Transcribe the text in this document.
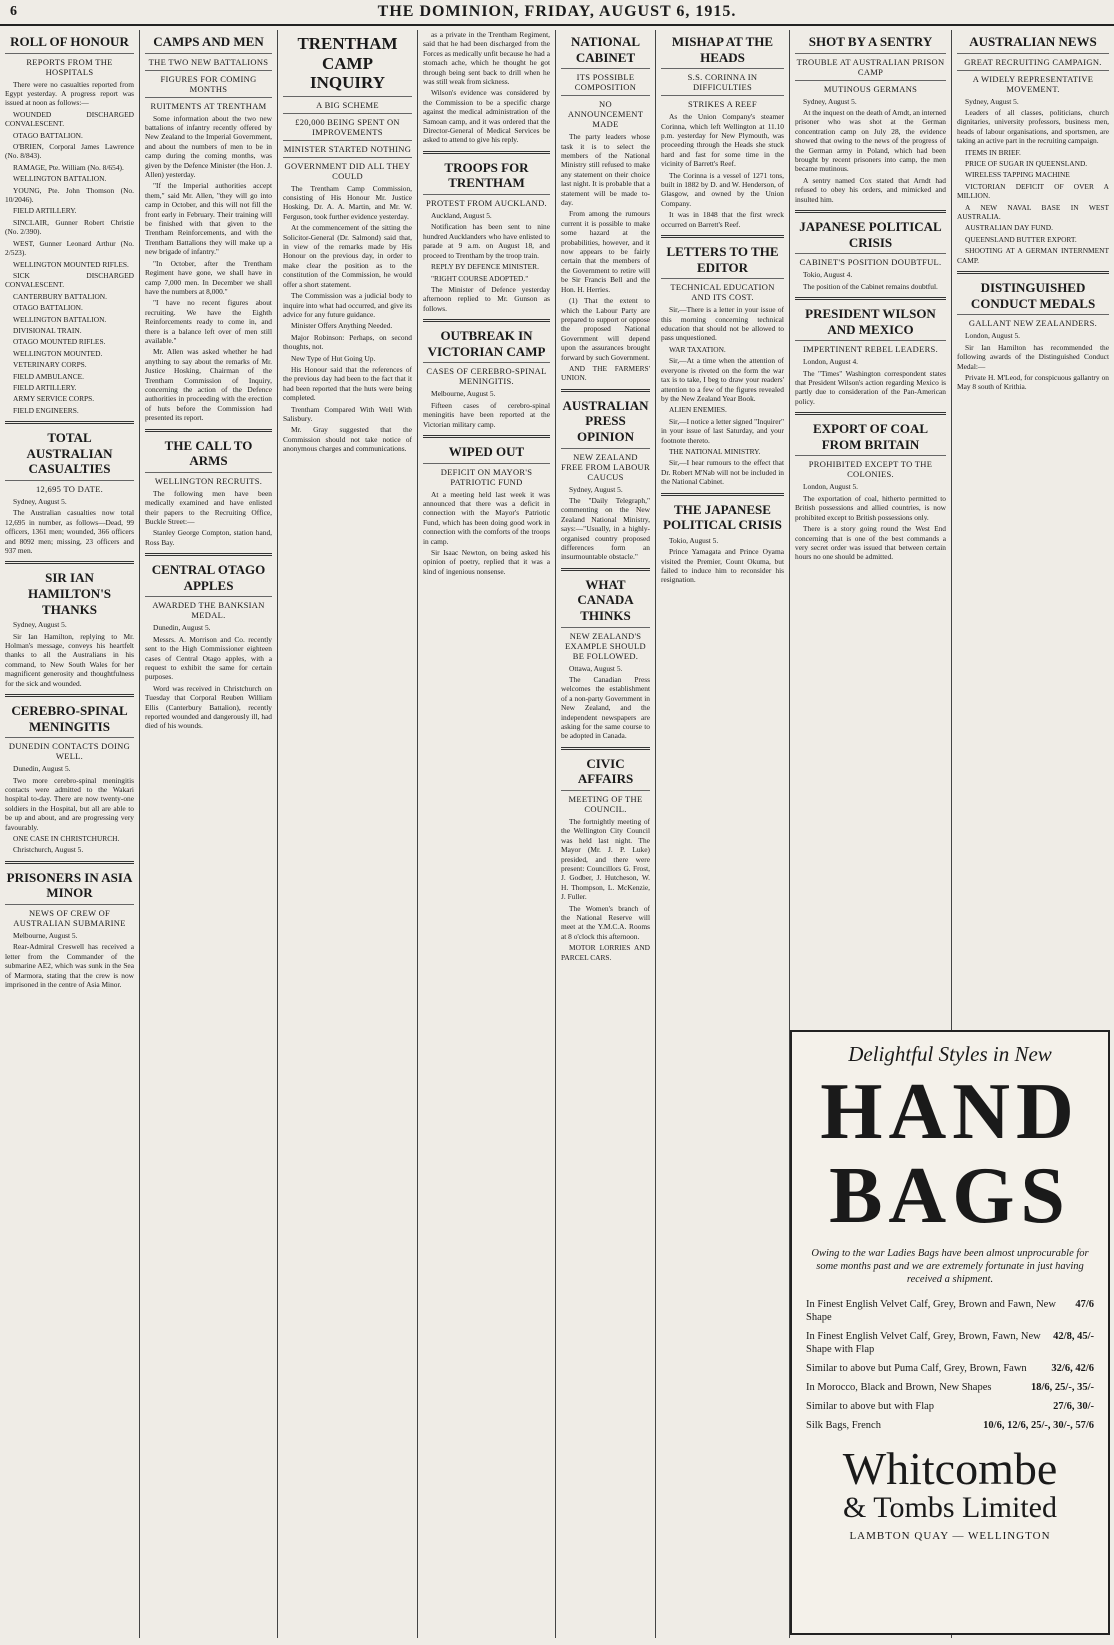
6	THE DOMINION, FRIDAY, AUGUST 6, 1915.
ROLL OF HONOUR
REPORTS FROM THE HOSPITALS

There were no casualties reported from Egypt yesterday. A progress report was issued at noon as follows:—

WOUNDED DISCHARGED CONVALESCENT.

OTAGO BATTALION.

O'BRIEN, Corporal James Lawrence (No. 8/843).

RAMAGE, Pte. William (No. 8/654).

WELLINGTON BATTALION.

YOUNG, Pte. John Thomson (No. 10/2046).

FIELD ARTILLERY.

SINCLAIR, Gunner Robert Christie (No. 2/390).

WEST, Gunner Leonard Arthur (No. 2/523).

WELLINGTON MOUNTED RIFLES.

SICK DISCHARGED CONVALESCENT.

CANTERBURY BATTALION.

OTAGO BATTALION.

WELLINGTON BATTALION.

DIVISIONAL TRAIN.

OTAGO MOUNTED RIFLES.

WELLINGTON MOUNTED.

VETERINARY CORPS.

FIELD AMBULANCE.

FIELD ARTILLERY.

ARMY SERVICE CORPS.

FIELD ENGINEERS.

TOTAL AUSTRALIAN CASUALTIES
12,695 TO DATE.

Sydney, August 5.

The Australian casualties now total 12,695 in number, as follows—Dead, 99 officers, 1361 men; wounded, 366 officers and 8092 men; missing, 23 officers and 937 men.

SIR IAN HAMILTON'S THANKS

Sydney, August 5.

Sir Ian Hamilton, replying to Mr. Holman's message, conveys his heartfelt thanks to all the Australians in his command, to New South Wales for her magnificent generosity and thoughtfulness for the sick and wounded.

CEREBRO-SPINAL MENINGITIS
DUNEDIN CONTACTS DOING WELL.

Dunedin, August 5.

Two more cerebro-spinal meningitis contacts were admitted to the Wakari hospital to-day. There are now twenty-one soldiers in the Hospital, but all are able to be up and about, and are progressing very favourably.

ONE CASE IN CHRISTCHURCH.

Christchurch, August 5.

PRISONERS IN ASIA MINOR
NEWS OF CREW OF AUSTRALIAN SUBMARINE

Melbourne, August 5.

Rear-Admiral Creswell has received a letter from the Commander of the submarine AE2, which was sunk in the Sea of Marmora, stating that the crew is now imprisoned in the centre of Asia Minor.

CAMPS AND MEN
THE TWO NEW BATTALIONS
FIGURES FOR COMING MONTHS
RUITMENTS AT TRENTHAM

Some information about the two new battalions of infantry recently offered by New Zealand to the Imperial Government, and about the numbers of men to be in camp during the coming months, was given by the Defence Minister (the Hon. J. Allen) yesterday.

"If the Imperial authorities accept them," said Mr. Allen, "they will go into camp in October, and this will not fill the front early in February. Their training will be finished with that given to the Trentham Reinforcements, and with the Trentham Battalions they will make up a new brigade of infantry."

"In October, after the Trentham Regiment have gone, we shall have in camp 7,000 men. In December we shall have the numbers at 8,000."

"I have no recent figures about recruiting. We have the Eighth Reinforcements ready to come in, and there is a balance left over of men still available."

Mr. Allen was asked whether he had anything to say about the remarks of Mr. Justice Hosking, Chairman of the Trentham Commission of Inquiry, concerning the action of the Defence authorities in proceeding with the erection of huts before the Commission had presented its report.

THE CALL TO ARMS
WELLINGTON RECRUITS.

The following men have been medically examined and have enlisted their papers to the Recruiting Office, Buckle Street:—

Stanley George Compton, station hand, Ross Bay.

CENTRAL OTAGO APPLES
AWARDED THE BANKSIAN MEDAL.

Dunedin, August 5.

Messrs. A. Morrison and Co. recently sent to the High Commissioner eighteen cases of Central Otago apples, with a request to exhibit the same for certain purposes.

Word was received in Christchurch on Tuesday that Corporal Reuben William Ellis (Canterbury Battalion), recently reported wounded and dangerously ill, had died of his wounds.

TRENTHAM CAMP INQUIRY
A BIG SCHEME
£20,000 BEING SPENT ON IMPROVEMENTS
MINISTER STARTED NOTHING
GOVERNMENT DID ALL THEY COULD

The Trentham Camp Commission, consisting of His Honour Mr. Justice Hosking, Dr. A. A. Martin, and Mr. W. Ferguson, took further evidence yesterday.

At the commencement of the sitting the Solicitor-General (Dr. Salmond) said that, in view of the remarks made by His Honour on the previous day, in order to make clear the position as to the constitution of the Commission, he would offer a short statement.

The Commission was a judicial body to inquire into what had occurred, and give its advice for any future guidance.

Minister Offers Anything Needed.

Major Robinson: Perhaps, on second thoughts, not.

New Type of Hut Going Up.

His Honour said that the references of the previous day had been to the fact that it had been reported that the huts were being completed.

Trentham Compared With Well With Salisbury.

Mr. Gray suggested that the Commission should not take notice of anonymous charges and communications.

as a private in the Trentham Regiment, said that he had been discharged from the Forces as medically unfit because he had a stomach ache, which he thought he got through being sent back to drill when he was still weak from sickness.

Wilson's evidence was considered by the Commission to be a specific charge against the medical administration of the Samoan camp, and it was ordered that the Director-General of Medical Services be asked to attend to give his reply.

TROOPS FOR TRENTHAM
PROTEST FROM AUCKLAND.

Auckland, August 5.

Notification has been sent to nine hundred Aucklanders who have enlisted to parade at 9 a.m. on August 18, and proceed to Trentham by the troop train.

REPLY BY DEFENCE MINISTER.

"RIGHT COURSE ADOPTED."

The Minister of Defence yesterday afternoon replied to Mr. Gunson as follows.

OUTBREAK IN VICTORIAN CAMP
CASES OF CEREBRO-SPINAL MENINGITIS.

Melbourne, August 5.

Fifteen cases of cerebro-spinal meningitis have been reported at the Victorian military camp.

WIPED OUT
DEFICIT ON MAYOR'S PATRIOTIC FUND

At a meeting held last week it was announced that there was a deficit in connection with the Mayor's Patriotic Fund, which has been doing good work in connection with the comforts of the troops in camp.

Sir Isaac Newton, on being asked his opinion of poetry, replied that it was a kind of ingenious nonsense.

NATIONAL CABINET
ITS POSSIBLE COMPOSITION
NO ANNOUNCEMENT MADE

The party leaders whose task it is to select the members of the National Ministry still refused to make any statement on their choice last night. It is probable that a statement will be made to-day.

From among the rumours current it is possible to make some hazard at the probabilities, however, and it now appears to be fairly certain that the members of the Government to retire will be Sir Francis Bell and the Hon. H. Herries.

(1) That the extent to which the Labour Party are prepared to support or oppose the proposed National Government will depend upon the assurances brought forward by such Government.

AND THE FARMERS' UNION.

AUSTRALIAN PRESS OPINION
NEW ZEALAND FREE FROM LABOUR CAUCUS

Sydney, August 5.

The "Daily Telegraph," commenting on the New Zealand National Ministry, says:—"Usually, in a highly-organised country proposed differences form an insurmountable obstacle."

WHAT CANADA THINKS
NEW ZEALAND'S EXAMPLE SHOULD BE FOLLOWED.

Ottawa, August 5.

The Canadian Press welcomes the establishment of a non-party Government in New Zealand, and the independent newspapers are asking for the same course to be adopted in Canada.

CIVIC AFFAIRS
MEETING OF THE COUNCIL.

The fortnightly meeting of the Wellington City Council was held last night. The Mayor (Mr. J. P. Luke) presided, and there were present: Councillors G. Frost, J. Godber, J. Hutcheson, W. H. Thompson, L. McKenzie, J. Fuller.

The Women's branch of the National Reserve will meet at the Y.M.C.A. Rooms at 8 o'clock this afternoon.

MOTOR LORRIES AND PARCEL CARS.

MISHAP AT THE HEADS
S.S. CORINNA IN DIFFICULTIES
STRIKES A REEF

As the Union Company's steamer Corinna, which left Wellington at 11.10 p.m. yesterday for New Plymouth, was proceeding through the Heads she stuck hard and fast for some time in the vicinity of Barrett's Reef.

The Corinna is a vessel of 1271 tons, built in 1882 by D. and W. Henderson, of Glasgow, and owned by the Union Company.

It was in 1848 that the first wreck occurred on Barrett's Reef.

LETTERS TO THE EDITOR
TECHNICAL EDUCATION AND ITS COST.

Sir,—There is a letter in your issue of this morning concerning technical education that should not be allowed to pass unquestioned.

WAR TAXATION.

Sir,—At a time when the attention of everyone is riveted on the form the war tax is to take, I beg to draw your readers' attention to a few of the figures revealed by the New Zealand Year Book.

ALIEN ENEMIES.

Sir,—I notice a letter signed "Inquirer" in your issue of last Saturday, and your footnote thereto.

THE NATIONAL MINISTRY.

Sir,—I hear rumours to the effect that Dr. Robert M'Nab will not be included in the National Cabinet.

THE JAPANESE POLITICAL CRISIS

Tokio, August 5.

Prince Yamagata and Prince Oyama visited the Premier, Count Okuma, but failed to induce him to reconsider his resignation.

SHOT BY A SENTRY
TROUBLE AT AUSTRALIAN PRISON CAMP
MUTINOUS GERMANS

Sydney, August 5.

At the inquest on the death of Arndt, an interned prisoner who was shot at the German concentration camp on July 28, the evidence showed that owing to the news of the progress of the German army in Poland, which had been brought by recent prisoners into camp, the men became mutinous.

A sentry named Cox stated that Arndt had refused to obey his orders, and mimicked and insulted him.

JAPANESE POLITICAL CRISIS
CABINET'S POSITION DOUBTFUL.

Tokio, August 4.

The position of the Cabinet remains doubtful.

PRESIDENT WILSON AND MEXICO
IMPERTINENT REBEL LEADERS.

London, August 4.

The "Times" Washington correspondent states that President Wilson's action regarding Mexico is partly due to consideration of the Pan-American policy.

EXPORT OF COAL FROM BRITAIN
PROHIBITED EXCEPT TO THE COLONIES.

London, August 5.

The exportation of coal, hitherto permitted to British possessions and allied countries, is now prohibited except to British possessions only.

There is a story going round the West End concerning that is one of the best commands a very secret order was issued that between certain hours no one should be admitted.

AUSTRALIAN NEWS
GREAT RECRUITING CAMPAIGN.
A WIDELY REPRESENTATIVE MOVEMENT.

Sydney, August 5.

Leaders of all classes, politicians, church dignitaries, university professors, business men, heads of labour organisations, and sportsmen, are taking an active part in the recruiting campaign.

ITEMS IN BRIEF.

PRICE OF SUGAR IN QUEENSLAND.

WIRELESS TAPPING MACHINE

VICTORIAN DEFICIT OF OVER A MILLION.

A NEW NAVAL BASE IN WEST AUSTRALIA.

AUSTRALIAN DAY FUND.

QUEENSLAND BUTTER EXPORT.

SHOOTING AT A GERMAN INTERNMENT CAMP.

DISTINGUISHED CONDUCT MEDALS
GALLANT NEW ZEALANDERS.

London, August 5.

Sir Ian Hamilton has recommended the following awards of the Distinguished Conduct Medal:—

Private H. M'Leod, for conspicuous gallantry on May 8 south of Krithia.

Delightful Styles in New
HAND
BAGS
Owing to the war Ladies Bags have been almost unprocurable for some months past and we are extremely fortunate in just having received a shipment.
In Finest English Velvet Calf, Grey, Brown and Fawn, New Shape
47/6
In Finest English Velvet Calf, Grey, Brown, Fawn, New Shape with Flap
42/8, 45/-
Similar to above but Puma Calf, Grey, Brown, Fawn	32/6, 42/6
In Morocco, Black and Brown, New Shapes	18/6, 25/-, 35/-
Similar to above but with Flap	27/6, 30/-
Silk Bags, French	10/6, 12/6, 25/-, 30/-, 57/6
Whitcombe
& Tombs Limited
LAMBTON QUAY — WELLINGTON
